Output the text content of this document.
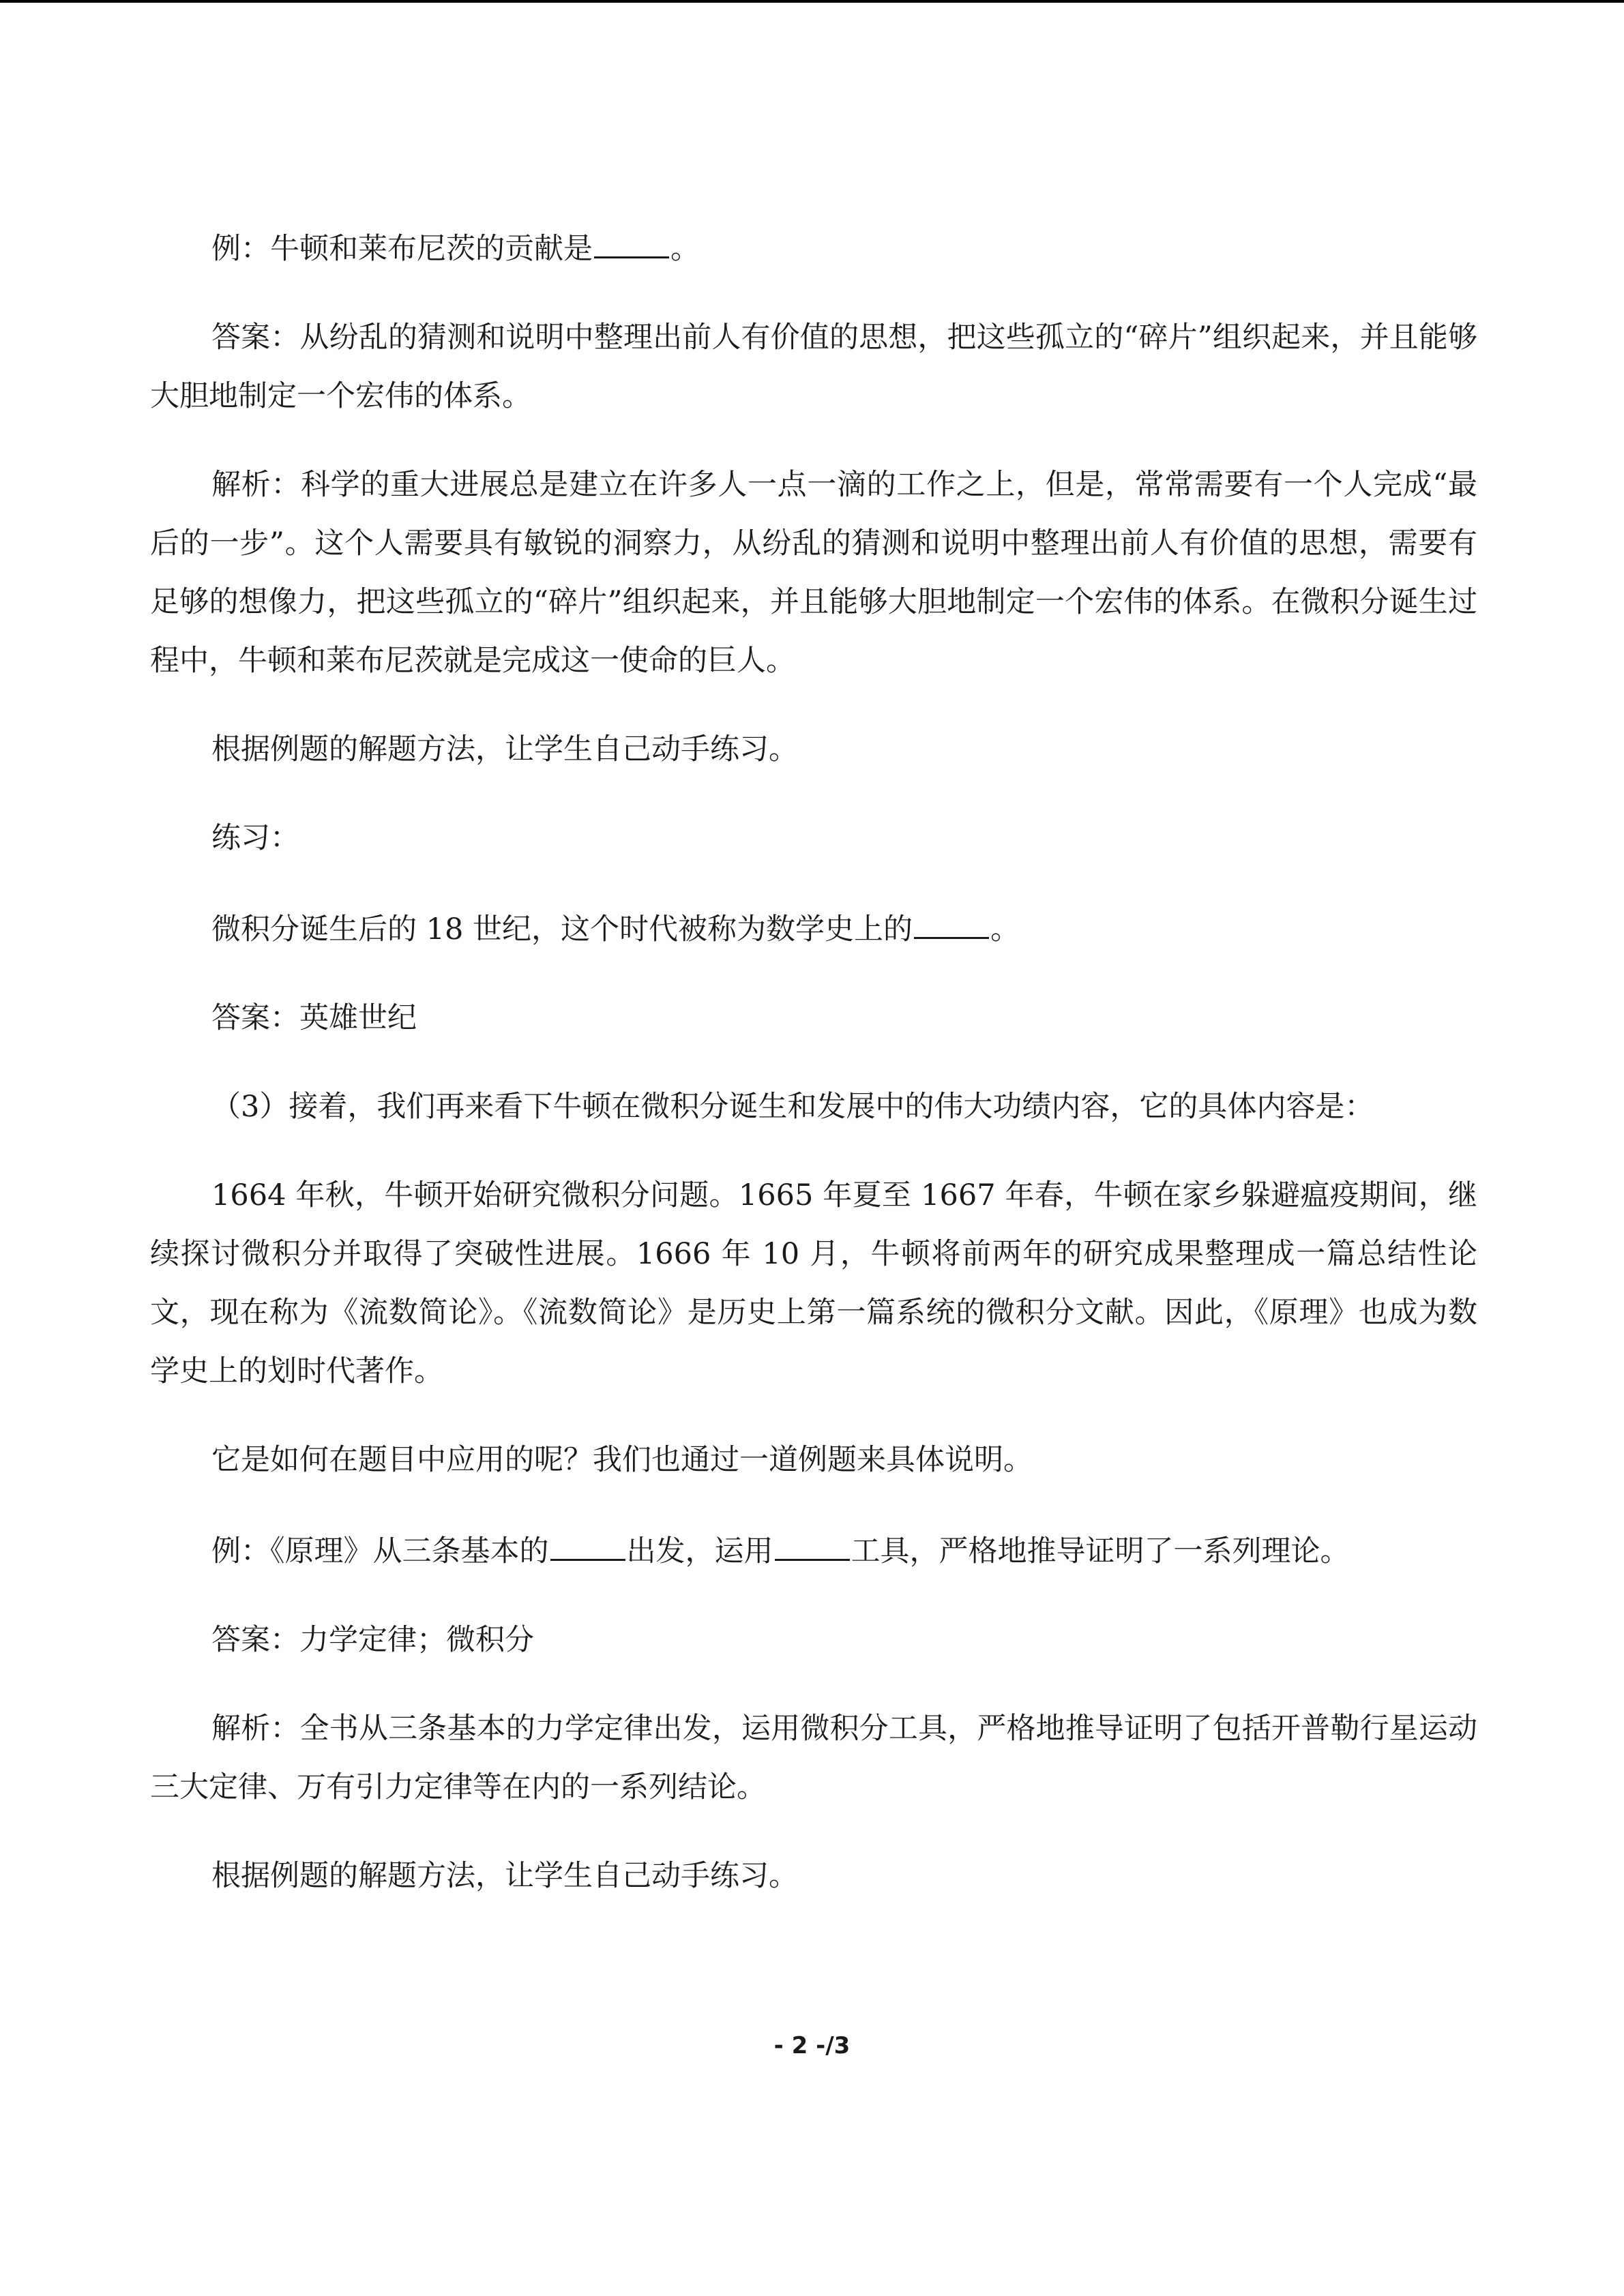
例：牛顿和莱布尼茨的贡献是	。

答案：从纷乱的猜测和说明中整理出前人有价值的思想，把这些孤立的“碎片”组织起来，并且能够大胆地制定一个宏伟的体系。

解析：科学的重大进展总是建立在许多人一点一滴的工作之上，但是，常常需要有一个人完成“最后的一步”。这个人需要具有敏锐的洞察力，从纷乱的猜测和说明中整理出前人有价值的思想，需要有足够的想像力，把这些孤立的“碎片”组织起来，并且能够大胆地制定一个宏伟的体系。在微积分诞生过程中，牛顿和莱布尼茨就是完成这一使命的巨人。

根据例题的解题方法，让学生自己动手练习。

练习：

微积分诞生后的 18 世纪，这个时代被称为数学史上的	。

答案：英雄世纪

（3）接着，我们再来看下牛顿在微积分诞生和发展中的伟大功绩内容，它的具体内容是：

1664 年秋，牛顿开始研究微积分问题。1665 年夏至 1667 年春，牛顿在家乡躲避瘟疫期间，继续探讨微积分并取得了突破性进展。1666 年 10 月，牛顿将前两年的研究成果整理成一篇总结性论文，现在称为《流数简论》。《流数简论》是历史上第一篇系统的微积分文献。因此，《原理》也成为数学史上的划时代著作。

它是如何在题目中应用的呢？我们也通过一道例题来具体说明。

例：《原理》从三条基本的	出发，运用	工具，严格地推导证明了一系列理论。

答案：力学定律；微积分

解析：全书从三条基本的力学定律出发，运用微积分工具，严格地推导证明了包括开普勒行星运动三大定律、万有引力定律等在内的一系列结论。

根据例题的解题方法，让学生自己动手练习。

- 2 -/3
